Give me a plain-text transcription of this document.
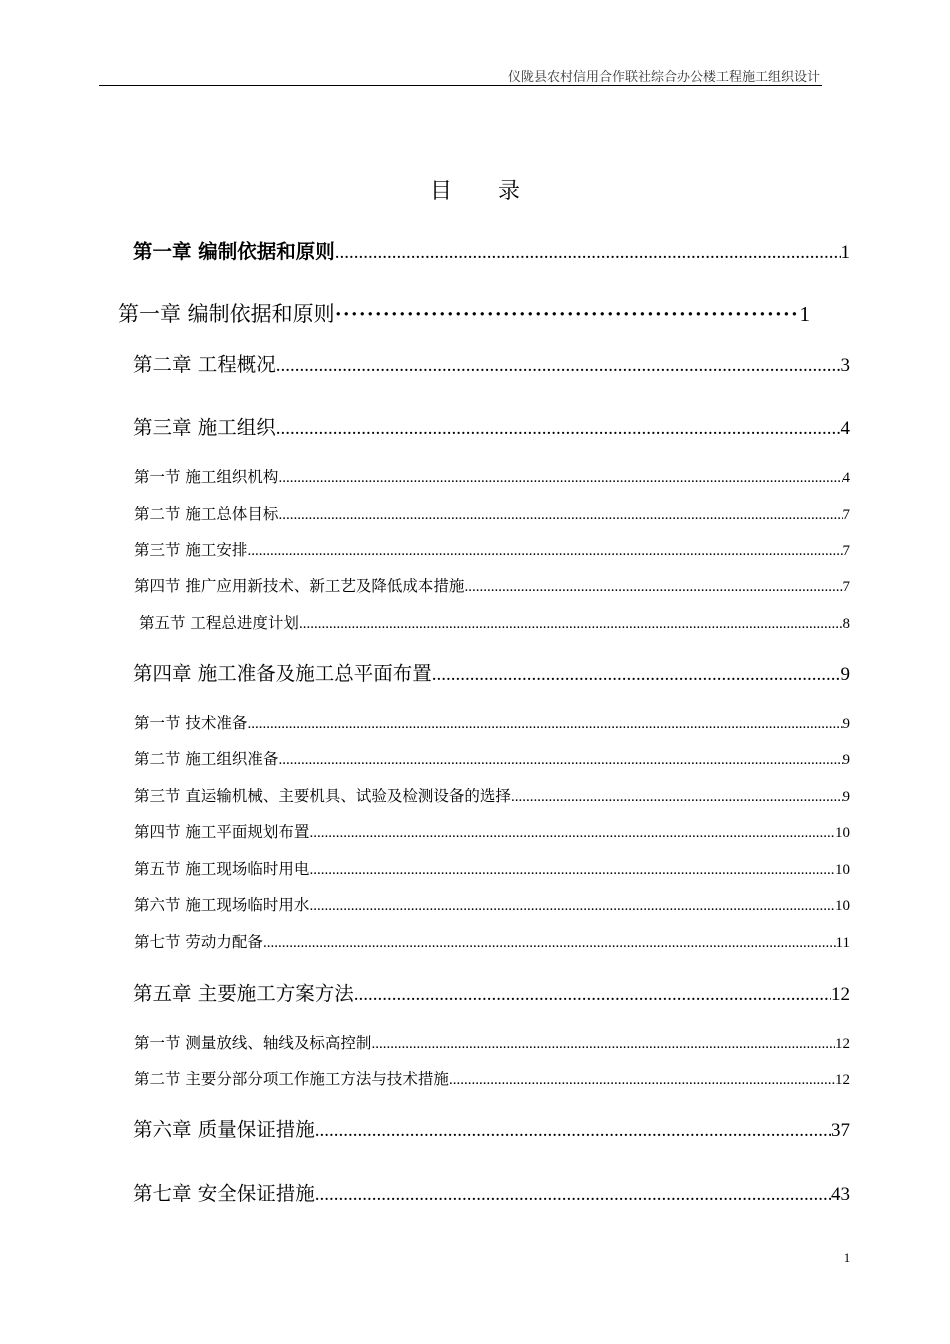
仪陇县农村信用合作联社综合办公楼工程施工组织设计
目录
第一章 编制依据和原则 .....	1
第一章 编制依据和原则 ·····	1
第二章 工程概况 .....	3
第三章 施工组织 .....	4
第一节 施工组织机构 .....	4
第二节 施工总体目标 .....	7
第三节 施工安排 .....	7
第四节 推广应用新技术、新工艺及降低成本措施 .....	7
第五节 工程总进度计划 .....	8
第四章 施工准备及施工总平面布置 .....	9
第一节 技术准备 .....	9
第二节 施工组织准备 .....	9
第三节 直运输机械、主要机具、试验及检测设备的选择 .....	9
第四节 施工平面规划布置 .....	10
第五节 施工现场临时用电 .....	10
第六节 施工现场临时用水 .....	10
第七节 劳动力配备 .....	11
第五章 主要施工方案方法 .....	12
第一节 测量放线、轴线及标高控制 .....	12
第二节 主要分部分项工作施工方法与技术措施 .....	12
第六章 质量保证措施 .....	37
第七章 安全保证措施 .....	43
1
